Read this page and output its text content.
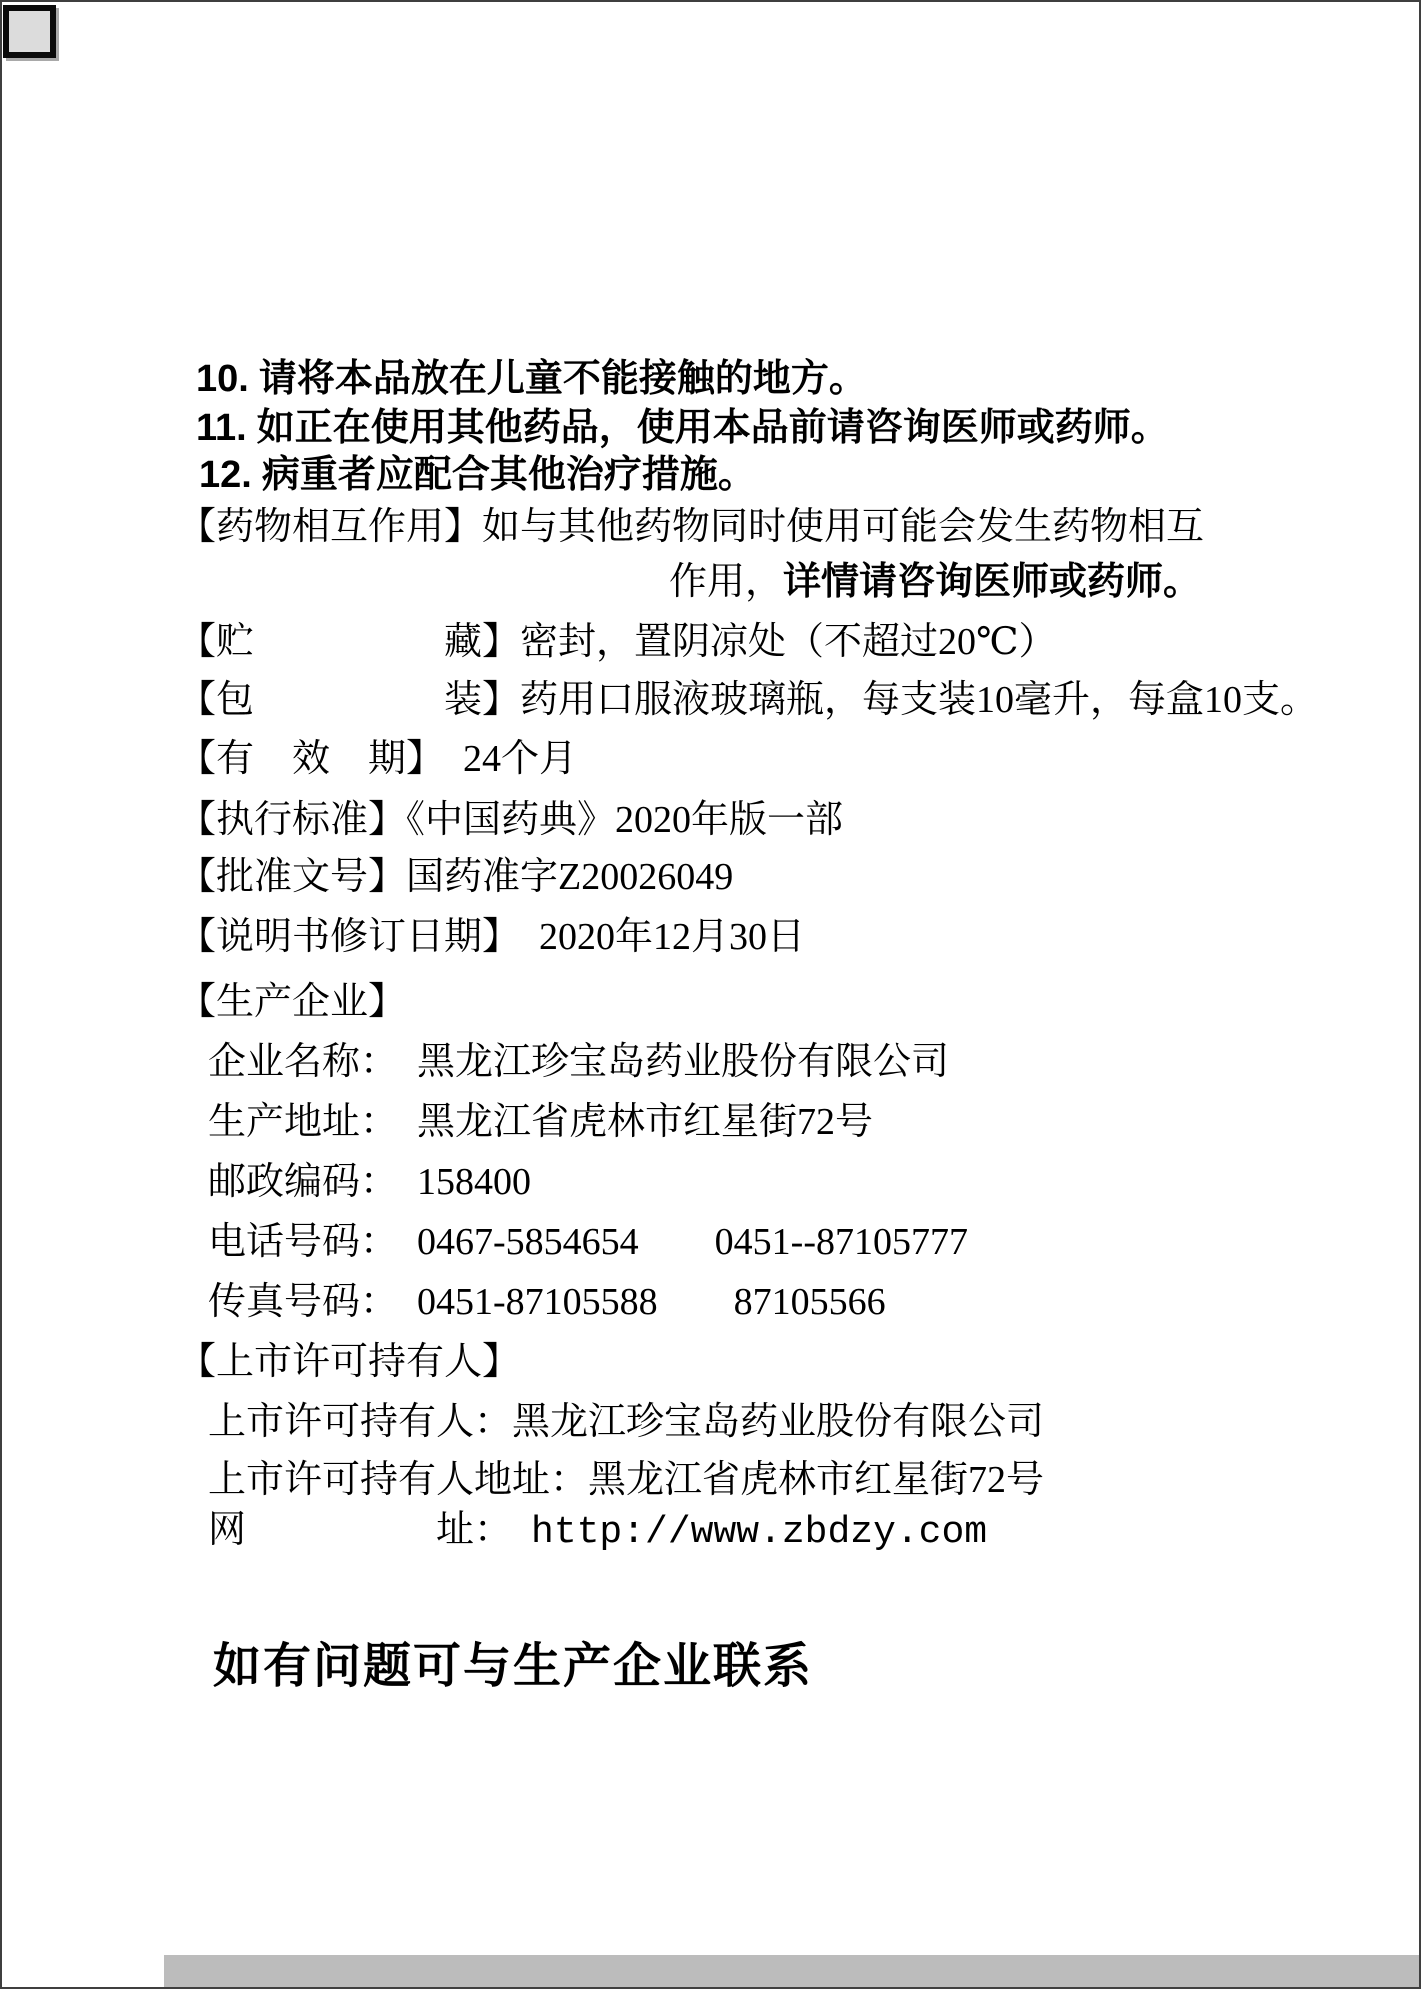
10. 请将本品放在儿童不能接触的地方。
11. 如正在使用其他药品，使用本品前请咨询医师或药师。
12. 病重者应配合其他治疗措施。
【药物相互作用】如与其他药物同时使用可能会发生药物相互
作用，详情请咨询医师或药师。
【贮　　　　　藏】密封，置阴凉处（不超过20℃）
【包　　　　　装】药用口服液玻璃瓶，每支装10毫升，每盒10支。
【有　效　期】　24个月
【执行标准】《中国药典》2020年版一部
【批准文号】国药准字Z20026049
【说明书修订日期】　2020年12月30日
【生产企业】
企业名称：　黑龙江珍宝岛药业股份有限公司
生产地址：　黑龙江省虎林市红星街72号
邮政编码：　158400
电话号码：　0467-5854654　　0451--87105777
传真号码：　0451-87105588　　87105566
【上市许可持有人】
上市许可持有人：黑龙江珍宝岛药业股份有限公司
上市许可持有人地址：黑龙江省虎林市红星街72号
网　　　　　址：　http://www.zbdzy.com
如有问题可与生产企业联系
